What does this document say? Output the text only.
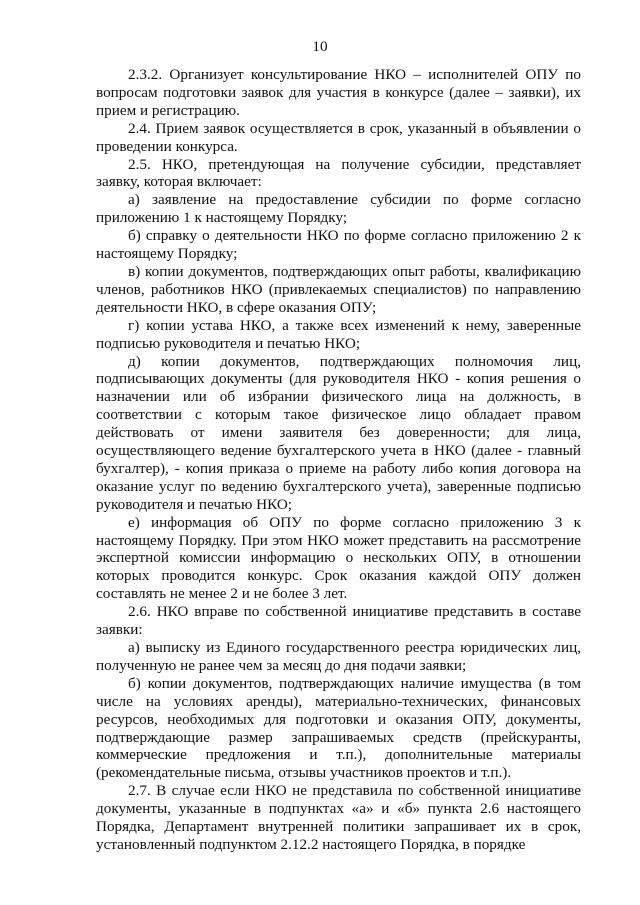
10

2.3.2. Организует консультирование НКО – исполнителей ОПУ по вопросам подготовки заявок для участия в конкурсе (далее – заявки), их прием и регистрацию.

2.4. Прием заявок осуществляется в срок, указанный в объявлении о проведении конкурса.

2.5. НКО, претендующая на получение субсидии, представляет заявку, которая включает:

а) заявление на предоставление субсидии по форме согласно приложению 1 к настоящему Порядку;

б) справку о деятельности НКО по форме согласно приложению 2 к настоящему Порядку;

в) копии документов, подтверждающих опыт работы, квалификацию членов, работников НКО (привлекаемых специалистов) по направлению деятельности НКО, в сфере оказания ОПУ;

г) копии устава НКО, а также всех изменений к нему, заверенные подписью руководителя и печатью НКО;

д) копии документов, подтверждающих полномочия лиц, подписывающих документы (для руководителя НКО - копия решения о назначении или об избрании физического лица на должность, в соответствии с которым такое физическое лицо обладает правом действовать от имени заявителя без доверенности; для лица, осуществляющего ведение бухгалтерского учета в НКО (далее - главный бухгалтер), - копия приказа о приеме на работу либо копия договора на оказание услуг по ведению бухгалтерского учета), заверенные подписью руководителя и печатью НКО;

е) информация об ОПУ по форме согласно приложению 3 к настоящему Порядку. При этом НКО может представить на рассмотрение экспертной комиссии информацию о нескольких ОПУ, в отношении которых проводится конкурс. Срок оказания каждой ОПУ должен составлять не менее 2 и не более 3 лет.

2.6. НКО вправе по собственной инициативе представить в составе заявки:

а) выписку из Единого государственного реестра юридических лиц, полученную не ранее чем за месяц до дня подачи заявки;

б) копии документов, подтверждающих наличие имущества (в том числе на условиях аренды), материально-технических, финансовых ресурсов, необходимых для подготовки и оказания ОПУ, документы, подтверждающие размер запрашиваемых средств (прейскуранты, коммерческие предложения и т.п.), дополнительные материалы (рекомендательные письма, отзывы участников проектов и т.п.).

2.7. В случае если НКО не представила по собственной инициативе документы, указанные в подпунктах «а» и «б» пункта 2.6 настоящего Порядка, Департамент внутренней политики запрашивает их в срок, установленный подпунктом 2.12.2 настоящего Порядка, в порядке
